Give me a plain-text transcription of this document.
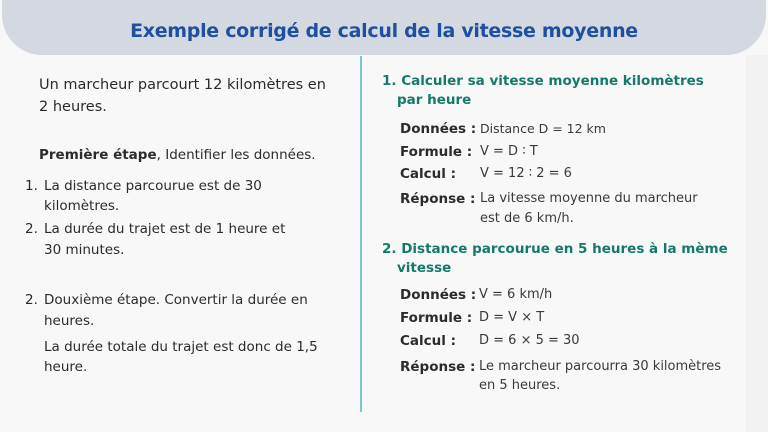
Exemple corrigé de calcul de la vitesse moyenne
Un marcheur parcourt 12 kilomètres en
2 heures.
Première étape, Identifier les données.
1. La distance parcourue est de 30
kilomètres.
2. La durée du trajet est de 1 heure et
30 minutes.
2. Douxième étape. Convertir la durée en
heures.
La durée totale du trajet est donc de 1,5
heure.
1. Calculer sa vitesse moyenne kilomètres
par heure
Données : Distance D = 12 km
Formule : V = D ∶ T
Calcul : V = 12 ∶ 2 = 6
Réponse : La vitesse moyenne du marcheur
est de 6 km/h.
2. Distance parcourue en 5 heures à la mème
vitesse
Données : V = 6 km/h
Formule : D = V × T
Calcul : D = 6 × 5 = 30
Réponse : Le marcheur parcourra 30 kilomètres
en 5 heures.
